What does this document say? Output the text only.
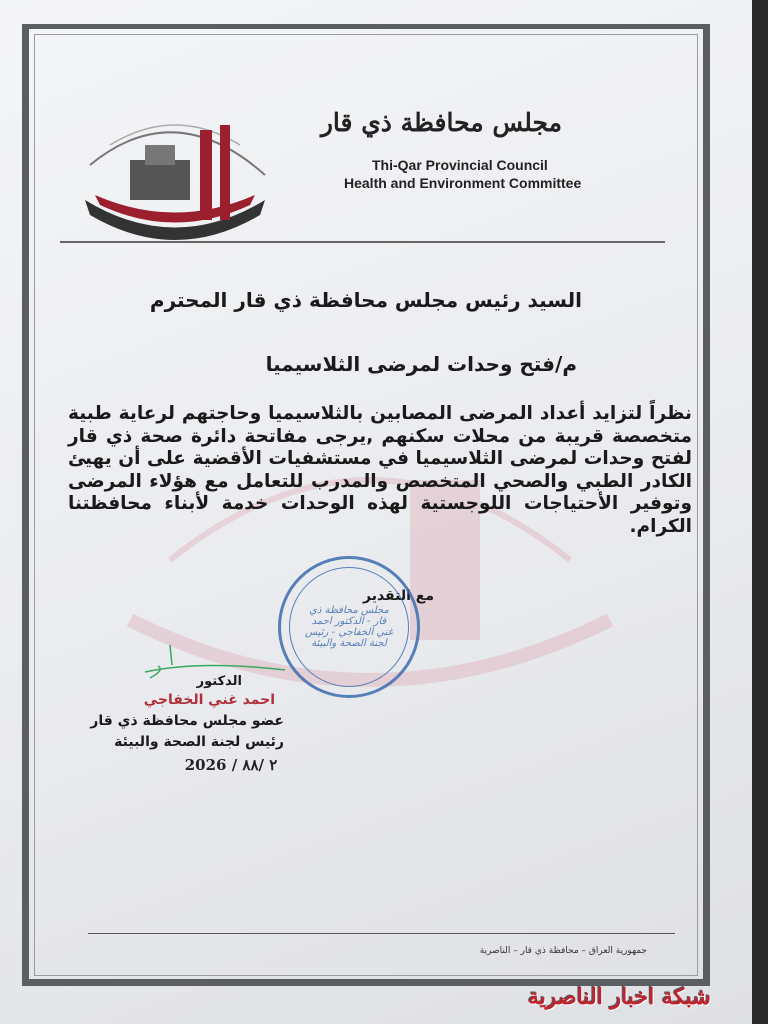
مجلس محافظة ذي قار
Thi-Qar Provincial Council
Health and Environment Committee
السيد رئيس مجلس محافظة ذي قار المحترم
م/فتح وحدات لمرضى الثلاسيميا
نظراً لتزايد أعداد المرضى المصابين بالثلاسيميا وحاجتهم لرعاية طبية متخصصة قريبة من محلات سكنهم ,يرجى مفاتحة دائرة صحة ذي قار لفتح وحدات لمرضى الثلاسيميا في مستشفيات الأقضية على أن يهيئ الكادر الطبي والصحي المتخصص والمدرب للتعامل مع هؤلاء المرضى وتوفير الأحتياجات اللوجستية لهذه الوحدات خدمة لأبناء محافظتنا الكرام.
مع التقدير
مجلس محافظة ذي قار - الدكتور احمد غني الخفاجي - رئيس لجنة الصحة والبيئة
الدكتور
احمد غني الخفاجي
عضو مجلس محافظة ذي قار
رئيس لجنة الصحة والبيئة
2026 / ٢ /٨٨
جمهورية العراق – محافظة ذي قار – الناصرية
شبكة اخبار الناصرية
